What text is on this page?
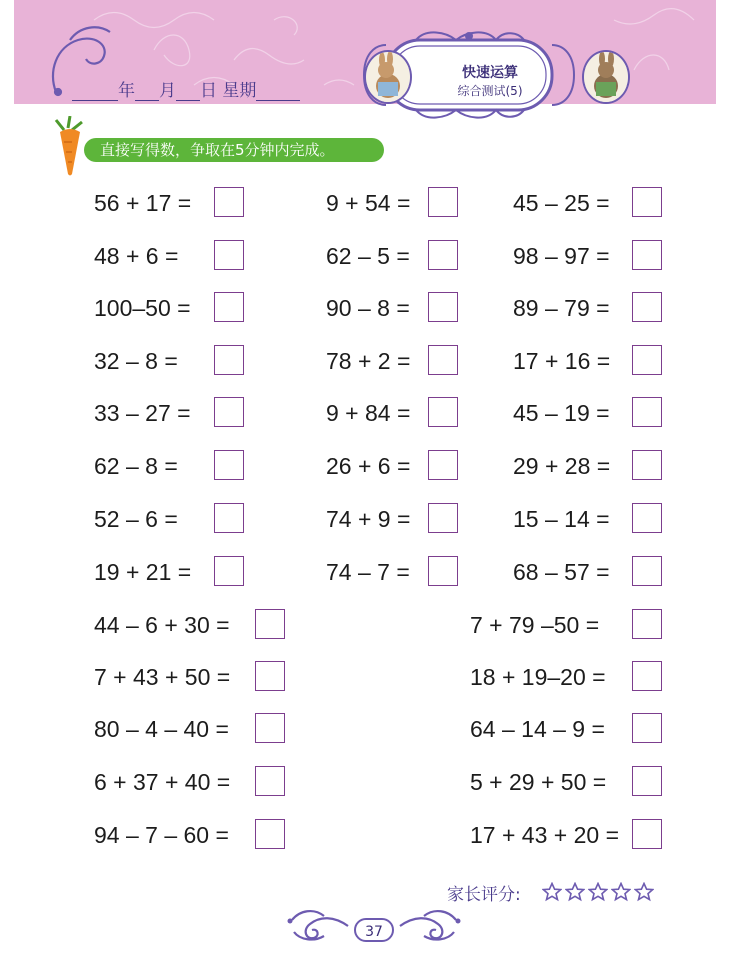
年 月 日 星期
快速运算
综合测试(5)
直接写得数，争取在5分钟内完成。
56 + 17 =
48 + 6 =
100–50 =
32 – 8 =
33 – 27 =
62 – 8 =
52 – 6 =
19 + 21 =
9 + 54 =
62 – 5 =
90 – 8 =
78 + 2 =
9 + 84 =
26 + 6 =
74 + 9 =
74 – 7 =
45 – 25 =
98 – 97 =
89 – 79 =
17 + 16 =
45 – 19 =
29 + 28 =
15 – 14 =
68 – 57 =
44 – 6 + 30 =
7 + 43 + 50 =
80 – 4 – 40 =
6 + 37 + 40 =
94 – 7 – 60 =
7 + 79 –50 =
18 + 19–20 =
64 – 14 – 9 =
5 + 29 + 50 =
17 + 43 + 20 =
家长评分:
37
